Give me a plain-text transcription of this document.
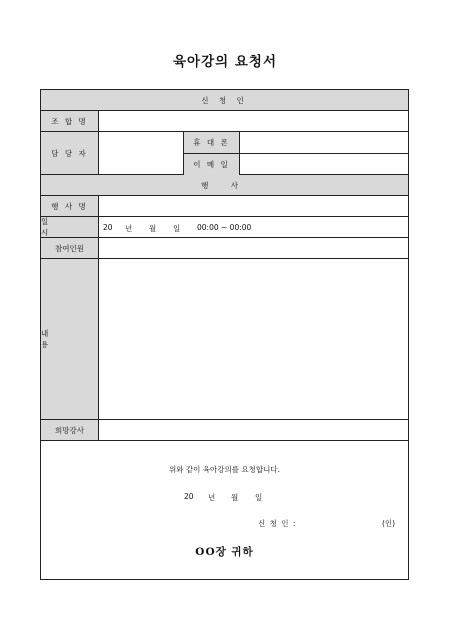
육아강의 요청서
신 청 인
조 합 명
담 당 자
휴 대 폰
이 메 일
행 사
행 사 명
일 시
20 년 월 일 00:00 ~ 00:00
참여인원
내 용
희망강사
위와 같이 육아강의를 요청합니다.
20 년 월 일
신 청 인 :	(인)
OO장 귀하
